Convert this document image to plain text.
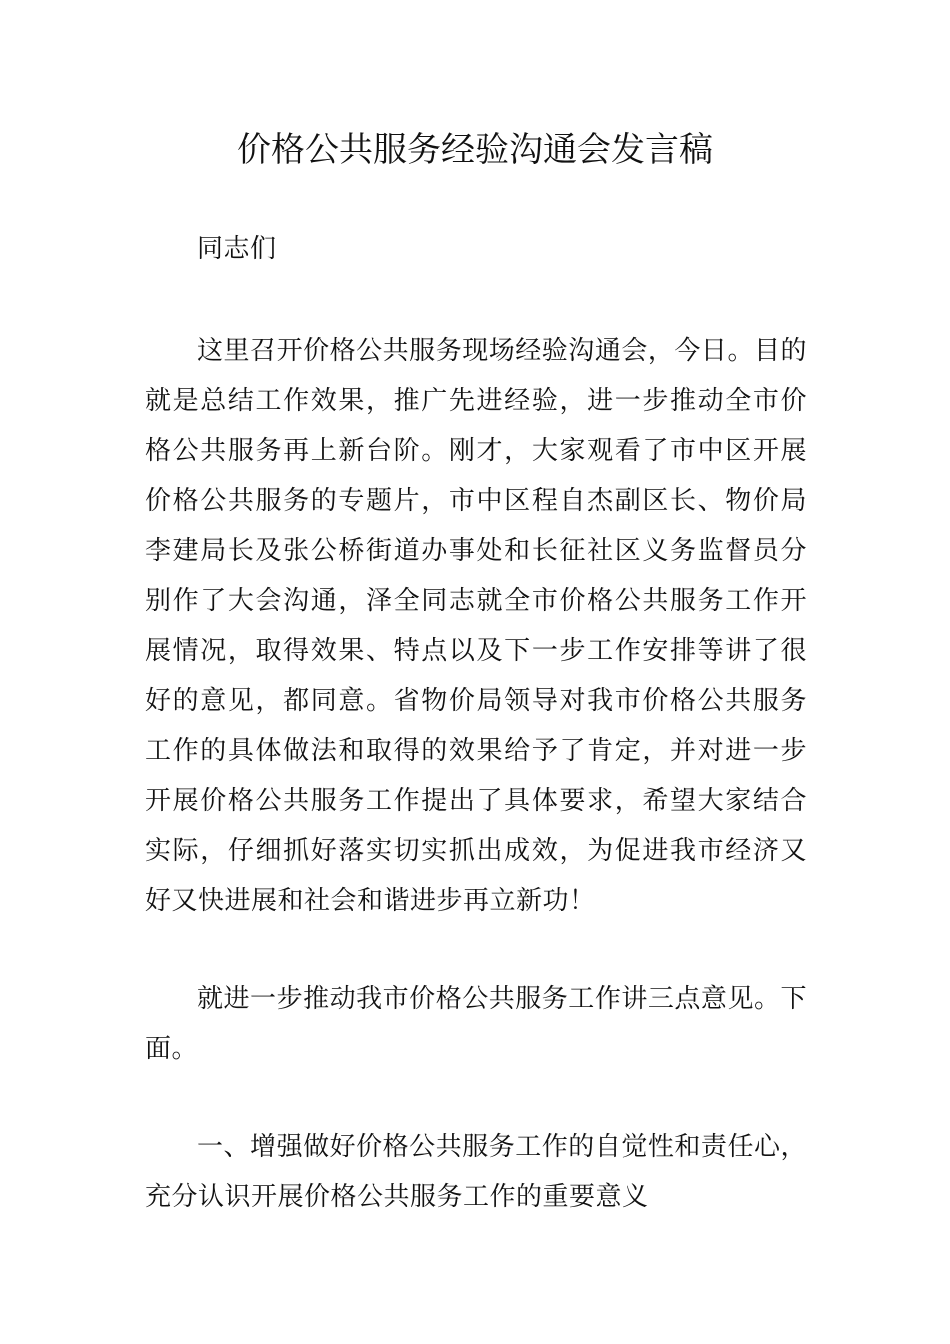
价格公共服务经验沟通会发言稿

同志们

这里召开价格公共服务现场经验沟通会，今日。目的就是总结工作效果，推广先进经验，进一步推动全市价格公共服务再上新台阶。刚才，大家观看了市中区开展价格公共服务的专题片，市中区程自杰副区长、物价局李建局长及张公桥街道办事处和长征社区义务监督员分别作了大会沟通，泽全同志就全市价格公共服务工作开展情况，取得效果、特点以及下一步工作安排等讲了很好的意见，都同意。省物价局领导对我市价格公共服务工作的具体做法和取得的效果给予了肯定，并对进一步开展价格公共服务工作提出了具体要求，希望大家结合实际，仔细抓好落实切实抓出成效，为促进我市经济又好又快进展和社会和谐进步再立新功！

就进一步推动我市价格公共服务工作讲三点意见。下面。

一、增强做好价格公共服务工作的自觉性和责任心，充分认识开展价格公共服务工作的重要意义
